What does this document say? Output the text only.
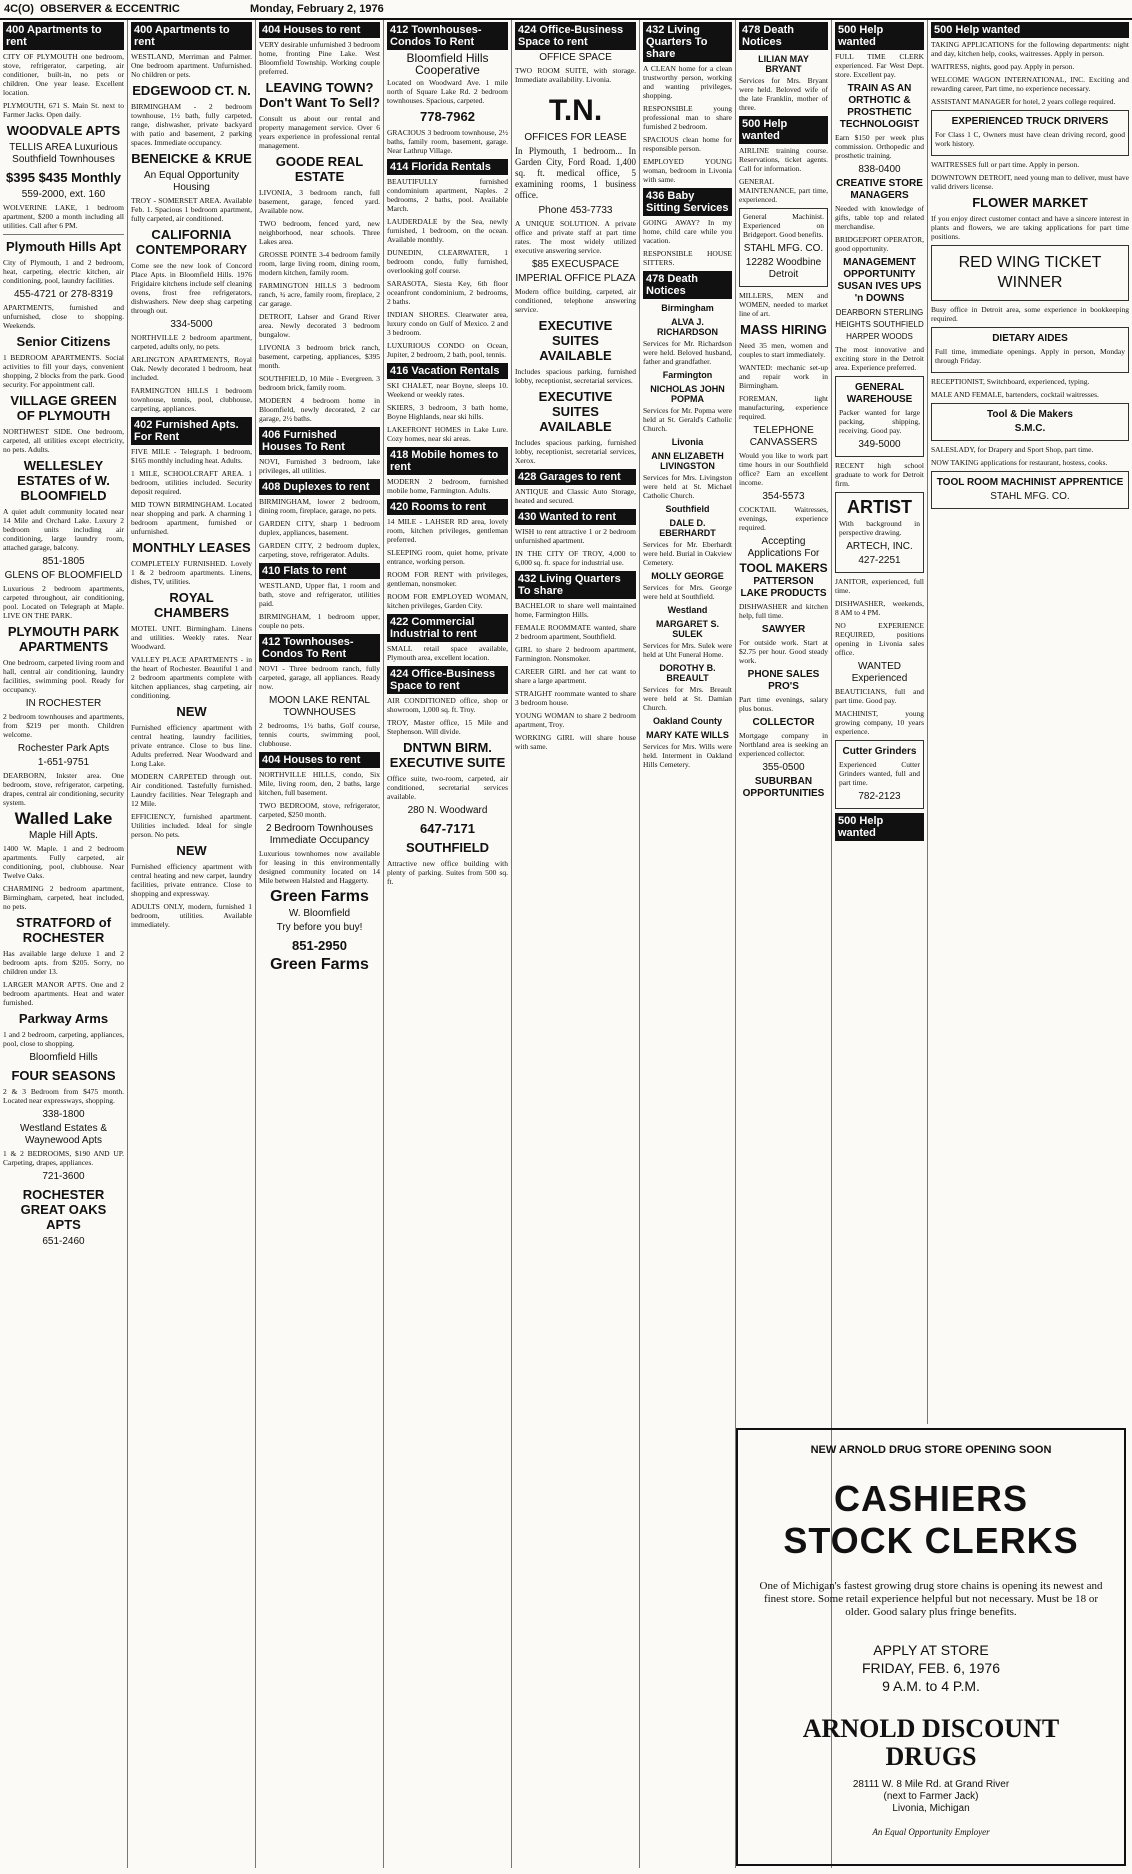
4C(O) OBSERVER & ECCENTRIC	Monday, February 2, 1976
400 Apartments to rent
CITY OF PLYMOUTH one bedroom, stove, refrigerator, carpeting, air conditioner, built-in, no pets or children. One year lease. Excellent location.
PLYMOUTH, 671 S. Main St. next to Farmer Jacks. Open daily.
WOODVALE APTS
TELLIS AREA Luxurious Southfield Townhouses
$395 $435 Monthly
559-2000, ext. 160
WOLVERINE LAKE, 1 bedroom apartment, $200 a month including all utilities. Call after 6 PM.
Plymouth Hills Apt
City of Plymouth, 1 and 2 bedroom, heat, carpeting, electric kitchen, air conditioning, pool, laundry facilities.
455-4721 or 278-8319
APARTMENTS, furnished and unfurnished, close to shopping. Weekends.
Senior Citizens
1 BEDROOM APARTMENTS. Social activities to fill your days, convenient shopping, 2 blocks from the park. Good security. For appointment call.
VILLAGE GREEN OF PLYMOUTH
NORTHWEST SIDE. One bedroom, carpeted, all utilities except electricity, no pets. Adults.
WELLESLEY ESTATES of W. BLOOMFIELD
A quiet adult community located near 14 Mile and Orchard Lake. Luxury 2 bedroom units including air conditioning, large laundry room, attached garage, balcony.
851-1805
GLENS OF BLOOMFIELD
Luxurious 2 bedroom apartments, carpeted throughout, air conditioning, pool. Located on Telegraph at Maple. LIVE ON THE PARK.
PLYMOUTH PARK APARTMENTS
One bedroom, carpeted living room and hall, central air conditioning, laundry facilities, swimming pool. Ready for occupancy.
IN ROCHESTER
2 bedroom townhouses and apartments, from $219 per month. Children welcome.
Rochester Park Apts
1-651-9751
DEARBORN, Inkster area. One bedroom, stove, refrigerator, carpeting, drapes, central air conditioning, security system.
Walled Lake
Maple Hill Apts.
1400 W. Maple. 1 and 2 bedroom apartments. Fully carpeted, air conditioning, pool, clubhouse. Near Twelve Oaks.
CHARMING 2 bedroom apartment, Birmingham, carpeted, heat included, no pets.
STRATFORD of ROCHESTER
Has available large deluxe 1 and 2 bedroom apts. from $205. Sorry, no children under 13.
LARGER MANOR APTS. One and 2 bedroom apartments. Heat and water furnished.
Parkway Arms
1 and 2 bedroom, carpeting, appliances, pool, close to shopping.
Bloomfield Hills
FOUR SEASONS
2 & 3 Bedroom from $475 month. Located near expressways, shopping.
338-1800
Westland Estates & Waynewood Apts
1 & 2 BEDROOMS, $190 AND UP. Carpeting, drapes, appliances.
721-3600
ROCHESTER GREAT OAKS APTS
651-2460
400 Apartments to rent
WESTLAND, Merriman and Palmer. One bedroom apartment. Unfurnished. No children or pets.
EDGEWOOD CT. N.
BIRMINGHAM - 2 bedroom townhouse, 1½ bath, fully carpeted, range, dishwasher, private backyard with patio and basement, 2 parking spaces. Immediate occupancy.
BENEICKE & KRUE
An Equal Opportunity Housing
TROY - SOMERSET AREA. Available Feb. 1. Spacious 1 bedroom apartment, fully carpeted, air conditioned.
CALIFORNIA CONTEMPORARY
Come see the new look of Concord Place Apts. in Bloomfield Hills. 1976 Frigidaire kitchens include self cleaning ovens, frost free refrigerators, dishwashers. New deep shag carpeting through out.
334-5000
NORTHVILLE 2 bedroom apartment, carpeted, adults only, no pets.
ARLINGTON APARTMENTS, Royal Oak. Newly decorated 1 bedroom, heat included.
FARMINGTON HILLS 1 bedroom townhouse, tennis, pool, clubhouse, carpeting, appliances.
402 Furnished Apts. For Rent
FIVE MILE - Telegraph. 1 bedroom, $165 monthly including heat. Adults.
1 MILE, SCHOOLCRAFT AREA. 1 bedroom, utilities included. Security deposit required.
MID TOWN BIRMINGHAM. Located near shopping and park. A charming 1 bedroom apartment, furnished or unfurnished.
MONTHLY LEASES
COMPLETELY FURNISHED. Lovely 1 & 2 bedroom apartments. Linens, dishes, TV, utilities.
ROYAL CHAMBERS
MOTEL UNIT. Birmingham. Linens and utilities. Weekly rates. Near Woodward.
VALLEY PLACE APARTMENTS - in the heart of Rochester. Beautiful 1 and 2 bedroom apartments complete with kitchen appliances, shag carpeting, air conditioning.
NEW
Furnished efficiency apartment with central heating, laundry facilities, private entrance. Close to bus line. Adults preferred. Near Woodward and Long Lake.
MODERN CARPETED through out. Air conditioned. Tastefully furnished. Laundry facilities. Near Telegraph and 12 Mile.
EFFICIENCY, furnished apartment. Utilities included. Ideal for single person. No pets.
NEW
Furnished efficiency apartment with central heating and new carpet, laundry facilities, private entrance. Close to shopping and expressway.
ADULTS ONLY, modern, furnished 1 bedroom, utilities. Available immediately.
404 Houses to rent
VERY desirable unfurnished 3 bedroom home, fronting Pine Lake. West Bloomfield Township. Working couple preferred.
LEAVING TOWN? Don't Want To Sell?
Consult us about our rental and property management service. Over 6 years experience in professional rental management.
GOODE REAL ESTATE
LIVONIA, 3 bedroom ranch, full basement, garage, fenced yard. Available now.
TWO bedroom, fenced yard, new neighborhood, near schools. Three Lakes area.
GROSSE POINTE 3-4 bedroom family room, large living room, dining room, modern kitchen, family room.
FARMINGTON HILLS 3 bedroom ranch, ¾ acre, family room, fireplace, 2 car garage.
DETROIT, Lahser and Grand River area. Newly decorated 3 bedroom bungalow.
LIVONIA 3 bedroom brick ranch, basement, carpeting, appliances, $395 month.
SOUTHFIELD, 10 Mile - Evergreen. 3 bedroom brick, family room.
MODERN 4 bedroom home in Bloomfield, newly decorated, 2 car garage, 2½ baths.
406 Furnished Houses To Rent
NOVI, Furnished 3 bedroom, lake privileges, all utilities.
408 Duplexes to rent
BIRMINGHAM, lower 2 bedroom, dining room, fireplace, garage, no pets.
GARDEN CITY, sharp 1 bedroom duplex, appliances, basement.
GARDEN CITY, 2 bedroom duplex, carpeting, stove, refrigerator. Adults.
410 Flats to rent
WESTLAND, Upper flat, 1 room and bath, stove and refrigerator, utilities paid.
BIRMINGHAM, 1 bedroom upper, couple no pets.
412 Townhouses-Condos To Rent
NOVI - Three bedroom ranch, fully carpeted, garage, all appliances. Ready now.
MOON LAKE RENTAL TOWNHOUSES
2 bedrooms, 1½ baths, Golf course, tennis courts, swimming pool, clubhouse.
404 Houses to rent
NORTHVILLE HILLS, condo, Six Mile, living room, den, 2 baths, large kitchen, full basement.
TWO BEDROOM, stove, refrigerator, carpeted, $250 month.
2 Bedroom Townhouses Immediate Occupancy
Luxurious townhomes now available for leasing in this environmentally designed community located on 14 Mile between Halsted and Haggerty.
Green Farms
W. Bloomfield
Try before you buy!
851-2950
Green Farms
412 Townhouses-Condos To Rent
Bloomfield Hills Cooperative
Located on Woodward Ave. 1 mile north of Square Lake Rd. 2 bedroom townhouses. Spacious, carpeted.
778-7962
GRACIOUS 3 bedroom townhouse, 2½ baths, family room, basement, garage. Near Lathrup Village.
414 Florida Rentals
BEAUTIFULLY furnished condominium apartment, Naples. 2 bedrooms, 2 baths, pool. Available March.
LAUDERDALE by the Sea, newly furnished, 1 bedroom, on the ocean. Available monthly.
DUNEDIN, CLEARWATER, 1 bedroom condo, fully furnished, overlooking golf course.
SARASOTA, Siesta Key, 6th floor oceanfront condominium, 2 bedrooms, 2 baths.
INDIAN SHORES. Clearwater area, luxury condo on Gulf of Mexico. 2 and 3 bedroom.
LUXURIOUS CONDO on Ocean, Jupiter, 2 bedroom, 2 bath, pool, tennis.
416 Vacation Rentals
SKI CHALET, near Boyne, sleeps 10. Weekend or weekly rates.
SKIERS, 3 bedroom, 3 bath home, Boyne Highlands, near ski hills.
LAKEFRONT HOMES in Lake Lure. Cozy homes, near ski areas.
418 Mobile homes to rent
MODERN 2 bedroom, furnished mobile home, Farmington. Adults.
420 Rooms to rent
14 MILE - LAHSER RD area, lovely room, kitchen privileges, gentleman preferred.
SLEEPING room, quiet home, private entrance, working person.
ROOM FOR RENT with privileges, gentleman, nonsmoker.
ROOM FOR EMPLOYED WOMAN, kitchen privileges, Garden City.
422 Commercial Industrial to rent
SMALL retail space available, Plymouth area, excellent location.
424 Office-Business Space to rent
AIR CONDITIONED office, shop or showroom, 1,000 sq. ft. Troy.
TROY, Master office, 15 Mile and Stephenson. Will divide.
DNTWN BIRM. EXECUTIVE SUITE
Office suite, two-room, carpeted, air conditioned, secretarial services available.
280 N. Woodward
647-7171
SOUTHFIELD
Attractive new office building with plenty of parking. Suites from 500 sq. ft.
424 Office-Business Space to rent
OFFICE SPACE
TWO ROOM SUITE, with storage. Immediate availability. Livonia.
T.N.
OFFICES FOR LEASE
In Plymouth, 1 bedroom... In Garden City, Ford Road. 1,400 sq. ft. medical office, 5 examining rooms, 1 business office.
Phone 453-7733
A UNIQUE SOLUTION. A private office and private staff at part time rates. The most widely utilized executive answering service.
$85 EXECUSPACE
IMPERIAL OFFICE PLAZA
Modern office building, carpeted, air conditioned, telephone answering service.
EXECUTIVE SUITES AVAILABLE
Includes spacious parking, furnished lobby, receptionist, secretarial services.
EXECUTIVE SUITES AVAILABLE
Includes spacious parking, furnished lobby, receptionist, secretarial services, Xerox.
428 Garages to rent
ANTIQUE and Classic Auto Storage, heated and secured.
430 Wanted to rent
WISH to rent attractive 1 or 2 bedroom unfurnished apartment.
IN THE CITY OF TROY, 4,000 to 6,000 sq. ft. space for industrial use.
432 Living Quarters To share
BACHELOR to share well maintained home, Farmington Hills.
FEMALE ROOMMATE wanted, share 2 bedroom apartment, Southfield.
GIRL to share 2 bedroom apartment, Farmington. Nonsmoker.
CAREER GIRL and her cat want to share a large apartment.
STRAIGHT roommate wanted to share 3 bedroom house.
YOUNG WOMAN to share 2 bedroom apartment, Troy.
WORKING GIRL will share house with same.
432 Living Quarters To share
A CLEAN home for a clean trustworthy person, working and wanting privileges, shopping.
RESPONSIBLE young professional man to share furnished 2 bedroom.
SPACIOUS clean home for responsible person.
EMPLOYED YOUNG woman, bedroom in Livonia with same.
436 Baby Sitting Services
GOING AWAY? In my home, child care while you vacation.
RESPONSIBLE HOUSE SITTERS.
478 Death Notices
Birmingham
ALVA J. RICHARDSON
Services for Mr. Richardson were held. Beloved husband, father and grandfather.
Farmington
NICHOLAS JOHN POPMA
Services for Mr. Popma were held at St. Gerald's Catholic Church.
Livonia
ANN ELIZABETH LIVINGSTON
Services for Mrs. Livingston were held at St. Michael Catholic Church.
Southfield
DALE D. EBERHARDT
Services for Mr. Eberhardt were held. Burial in Oakview Cemetery.
MOLLY GEORGE
Services for Mrs. George were held at Southfield.
Westland
MARGARET S. SULEK
Services for Mrs. Sulek were held at Uht Funeral Home.
DOROTHY B. BREAULT
Services for Mrs. Breault were held at St. Damian Church.
Oakland County
MARY KATE WILLS
Services for Mrs. Wills were held. Interment in Oakland Hills Cemetery.
478 Death Notices
LILIAN MAY BRYANT
Services for Mrs. Bryant were held. Beloved wife of the late Franklin, mother of three.
500 Help wanted
AIRLINE training course. Reservations, ticket agents. Call for information.
GENERAL MAINTENANCE, part time, experienced.
General Machinist. Experienced on Bridgeport. Good benefits.
STAHL MFG. CO.
12282 Woodbine Detroit
MILLERS, MEN and WOMEN, needed to market line of art.
MASS HIRING
Need 35 men, women and couples to start immediately.
WANTED: mechanic set-up and repair work in Birmingham.
FOREMAN, light manufacturing, experience required.
TELEPHONE CANVASSERS
Would you like to work part time hours in our Southfield office? Earn an excellent income.
354-5573
COCKTAIL Waitresses, evenings, experience required.
Accepting Applications For
TOOL MAKERS
PATTERSON LAKE PRODUCTS
DISHWASHER and kitchen help, full time.
SAWYER
For outside work. Start at $2.75 per hour. Good steady work.
PHONE SALES PRO'S
Part time evenings, salary plus bonus.
COLLECTOR
Mortgage company in Northland area is seeking an experienced collector.
355-0500
SUBURBAN OPPORTUNITIES
500 Help wanted
FULL TIME CLERK experienced. Far West Dept. store. Excellent pay.
TRAIN AS AN ORTHOTIC & PROSTHETIC TECHNOLOGIST
Earn $150 per week plus commission. Orthopedic and prosthetic training.
838-0400
CREATIVE STORE MANAGERS
Needed with knowledge of gifts, table top and related merchandise.
BRIDGEPORT OPERATOR, good opportunity.
MANAGEMENT OPPORTUNITY SUSAN IVES UPS 'n DOWNS
DEARBORN STERLING HEIGHTS SOUTHFIELD HARPER WOODS
The most innovative and exciting store in the Detroit area. Experience preferred.
GENERAL WAREHOUSE
Packer wanted for large packing, shipping, receiving. Good pay.
349-5000
RECENT high school graduate to work for Detroit firm.
ARTIST
With background in perspective drawing.
ARTECH, INC.
427-2251
JANITOR, experienced, full time.
DISHWASHER, weekends, 8 AM to 4 PM.
NO EXPERIENCE REQUIRED, positions opening in Livonia sales office.
WANTED Experienced
BEAUTICIANS, full and part time. Good pay.
MACHINIST, young growing company, 10 years experience.
Cutter Grinders
Experienced Cutter Grinders wanted, full and part time.
782-2123
500 Help wanted
500 Help wanted
TAKING APPLICATIONS for the following departments: night and day, kitchen help, cooks, waitresses. Apply in person.
WAITRESS, nights, good pay. Apply in person.
WELCOME WAGON INTERNATIONAL, INC. Exciting and rewarding career, Part time, no experience necessary.
ASSISTANT MANAGER for hotel, 2 years college required.
EXPERIENCED TRUCK DRIVERS
For Class 1 C, Owners must have clean driving record, good work history.
WAITRESSES full or part time. Apply in person.
DOWNTOWN DETROIT, need young man to deliver, must have valid drivers license.
FLOWER MARKET
If you enjoy direct customer contact and have a sincere interest in plants and flowers, we are taking applications for part time positions.
RED WING TICKET WINNER
Busy office in Detroit area, some experience in bookkeeping required.
DIETARY AIDES
Full time, immediate openings. Apply in person, Monday through Friday.
RECEPTIONIST, Switchboard, experienced, typing.
MALE AND FEMALE, bartenders, cocktail waitresses.
Tool & Die Makers
S.M.C.
SALESLADY, for Drapery and Sport Shop, part time.
NOW TAKING applications for restaurant, hostess, cooks.
TOOL ROOM MACHINIST APPRENTICE
STAHL MFG. CO.
NEW ARNOLD DRUG STORE OPENING SOON
CASHIERS
STOCK CLERKS
One of Michigan's fastest growing drug store chains is opening its newest and finest store. Some retail experience helpful but not necessary. Must be 18 or older. Good salary plus fringe benefits.
APPLY AT STORE
FRIDAY, FEB. 6, 1976
9 A.M. to 4 P.M.
ARNOLD DISCOUNT
DRUGS
28111 W. 8 Mile Rd. at Grand River
(next to Farmer Jack)
Livonia, Michigan
An Equal Opportunity Employer
